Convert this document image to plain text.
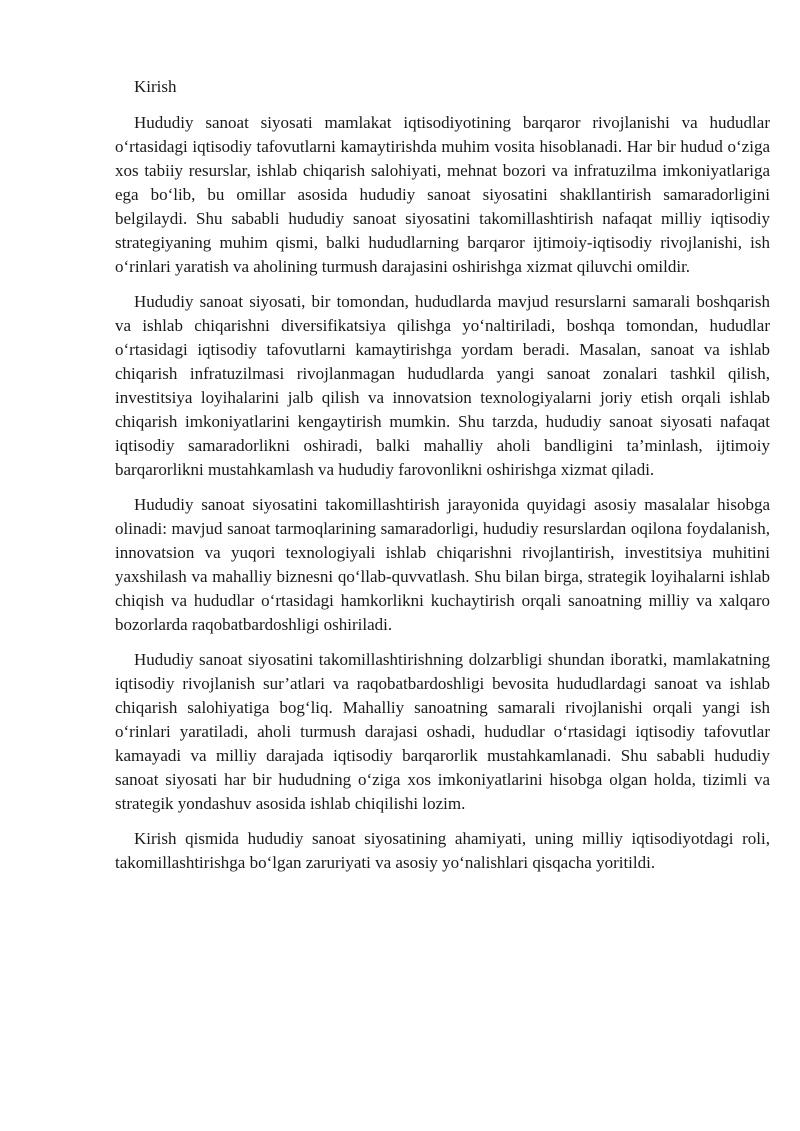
Kirish

Hududiy sanoat siyosati mamlakat iqtisodiyotining barqaror rivojlanishi va hududlar o‘rtasidagi iqtisodiy tafovutlarni kamaytirishda muhim vosita hisoblanadi. Har bir hudud o‘ziga xos tabiiy resurslar, ishlab chiqarish salohiyati, mehnat bozori va infratuzilma imkoniyatlariga ega bo‘lib, bu omillar asosida hududiy sanoat siyosatini shakllantirish samaradorligini belgilaydi. Shu sababli hududiy sanoat siyosatini takomillashtirish nafaqat milliy iqtisodiy strategiyaning muhim qismi, balki hududlarning barqaror ijtimoiy-iqtisodiy rivojlanishi, ish o‘rinlari yaratish va aholining turmush darajasini oshirishga xizmat qiluvchi omildir.

Hududiy sanoat siyosati, bir tomondan, hududlarda mavjud resurslarni samarali boshqarish va ishlab chiqarishni diversifikatsiya qilishga yo‘naltiriladi, boshqa tomondan, hududlar o‘rtasidagi iqtisodiy tafovutlarni kamaytirishga yordam beradi. Masalan, sanoat va ishlab chiqarish infratuzilmasi rivojlanmagan hududlarda yangi sanoat zonalari tashkil qilish, investitsiya loyihalarini jalb qilish va innovatsion texnologiyalarni joriy etish orqali ishlab chiqarish imkoniyatlarini kengaytirish mumkin. Shu tarzda, hududiy sanoat siyosati nafaqat iqtisodiy samaradorlikni oshiradi, balki mahalliy aholi bandligini ta’minlash, ijtimoiy barqarorlikni mustahkamlash va hududiy farovonlikni oshirishga xizmat qiladi.

Hududiy sanoat siyosatini takomillashtirish jarayonida quyidagi asosiy masalalar hisobga olinadi: mavjud sanoat tarmoqlarining samaradorligi, hududiy resurslardan oqilona foydalanish, innovatsion va yuqori texnologiyali ishlab chiqarishni rivojlantirish, investitsiya muhitini yaxshilash va mahalliy biznesni qo‘llab-quvvatlash. Shu bilan birga, strategik loyihalarni ishlab chiqish va hududlar o‘rtasidagi hamkorlikni kuchaytirish orqali sanoatning milliy va xalqaro bozorlarda raqobatbardoshligi oshiriladi.

Hududiy sanoat siyosatini takomillashtirishning dolzarbligi shundan iboratki, mamlakatning iqtisodiy rivojlanish sur’atlari va raqobatbardoshligi bevosita hududlardagi sanoat va ishlab chiqarish salohiyatiga bog‘liq. Mahalliy sanoatning samarali rivojlanishi orqali yangi ish o‘rinlari yaratiladi, aholi turmush darajasi oshadi, hududlar o‘rtasidagi iqtisodiy tafovutlar kamayadi va milliy darajada iqtisodiy barqarorlik mustahkamlanadi. Shu sababli hududiy sanoat siyosati har bir hududning o‘ziga xos imkoniyatlarini hisobga olgan holda, tizimli va strategik yondashuv asosida ishlab chiqilishi lozim.

Kirish qismida hududiy sanoat siyosatining ahamiyati, uning milliy iqtisodiyotdagi roli, takomillashtirishga bo‘lgan zaruriyati va asosiy yo‘nalishlari qisqacha yoritildi.
